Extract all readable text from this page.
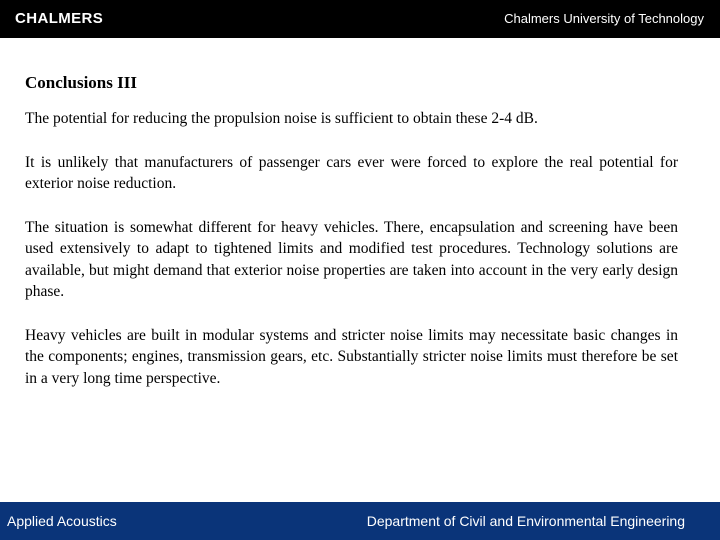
CHALMERS	Chalmers University of Technology
Conclusions III

The potential for reducing the propulsion noise is sufficient to obtain these 2-4 dB.

It is unlikely that manufacturers of passenger cars ever were forced to explore the real potential for exterior noise reduction.

The situation is somewhat different for heavy vehicles. There, encapsulation and screening have been used extensively to adapt to tightened limits and modified test procedures. Technology solutions are available, but might demand that exterior noise properties are taken into account in the very early design phase.

Heavy vehicles are built in modular systems and stricter noise limits may necessitate basic changes in the components; engines, transmission gears, etc. Substantially stricter noise limits must therefore be set in a very long time perspective.

Applied Acoustics	Department of Civil and Environmental Engineering
